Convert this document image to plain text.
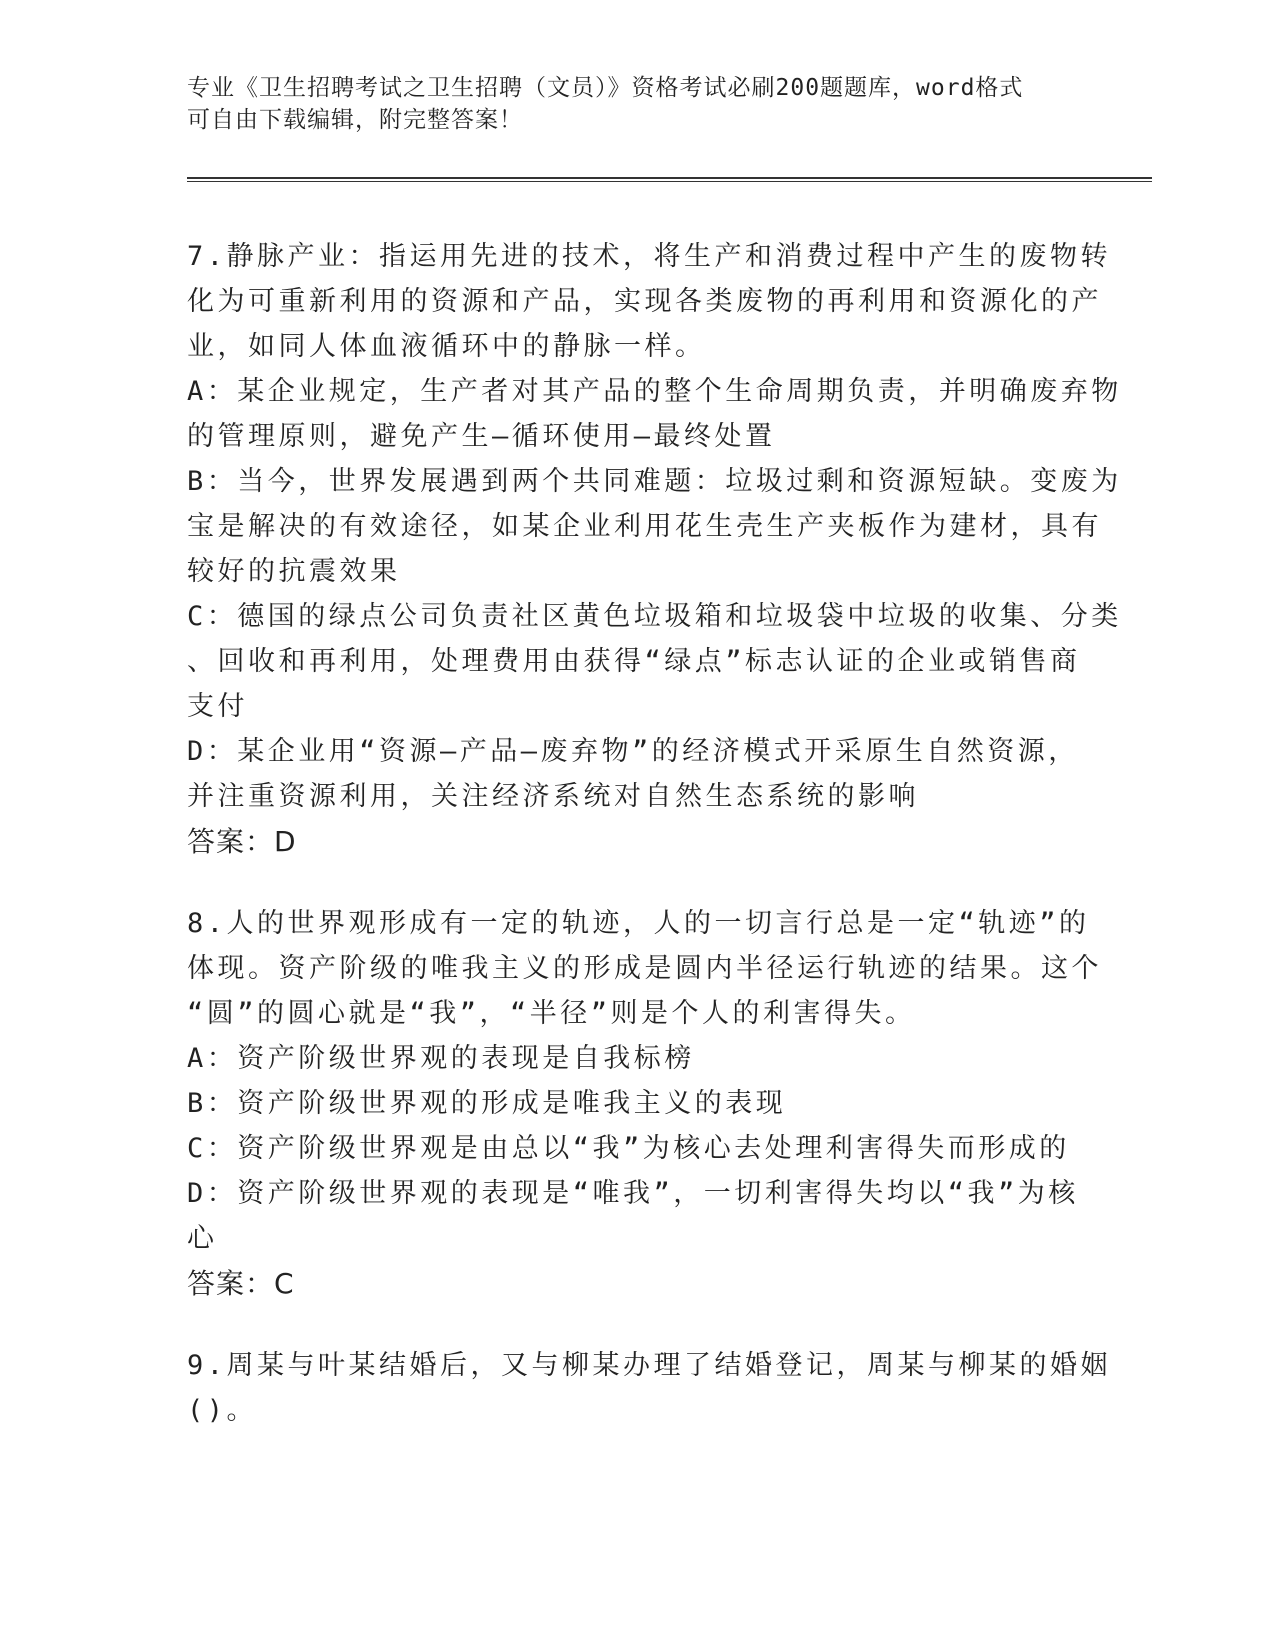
专业《卫生招聘考试之卫生招聘（文员）》资格考试必刷200题题库，word格式
可自由下载编辑，附完整答案！
7.静脉产业：指运用先进的技术，将生产和消费过程中产生的废物转
化为可重新利用的资源和产品，实现各类废物的再利用和资源化的产
业，如同人体血液循环中的静脉一样。
A：某企业规定，生产者对其产品的整个生命周期负责，并明确废弃物
的管理原则，避免产生—循环使用—最终处置
B：当今，世界发展遇到两个共同难题：垃圾过剩和资源短缺。变废为
宝是解决的有效途径，如某企业利用花生壳生产夹板作为建材，具有
较好的抗震效果
C：德国的绿点公司负责社区黄色垃圾箱和垃圾袋中垃圾的收集、分类
、回收和再利用，处理费用由获得“绿点”标志认证的企业或销售商
支付
D：某企业用“资源—产品—废弃物”的经济模式开采原生自然资源，
并注重资源利用，关注经济系统对自然生态系统的影响
答案：D
8.人的世界观形成有一定的轨迹，人的一切言行总是一定“轨迹”的
体现。资产阶级的唯我主义的形成是圆内半径运行轨迹的结果。这个
“圆”的圆心就是“我”，“半径”则是个人的利害得失。
A：资产阶级世界观的表现是自我标榜
B：资产阶级世界观的形成是唯我主义的表现
C：资产阶级世界观是由总以“我”为核心去处理利害得失而形成的
D：资产阶级世界观的表现是“唯我”，一切利害得失均以“我”为核
心
答案：C
9.周某与叶某结婚后，又与柳某办理了结婚登记，周某与柳某的婚姻
()。
